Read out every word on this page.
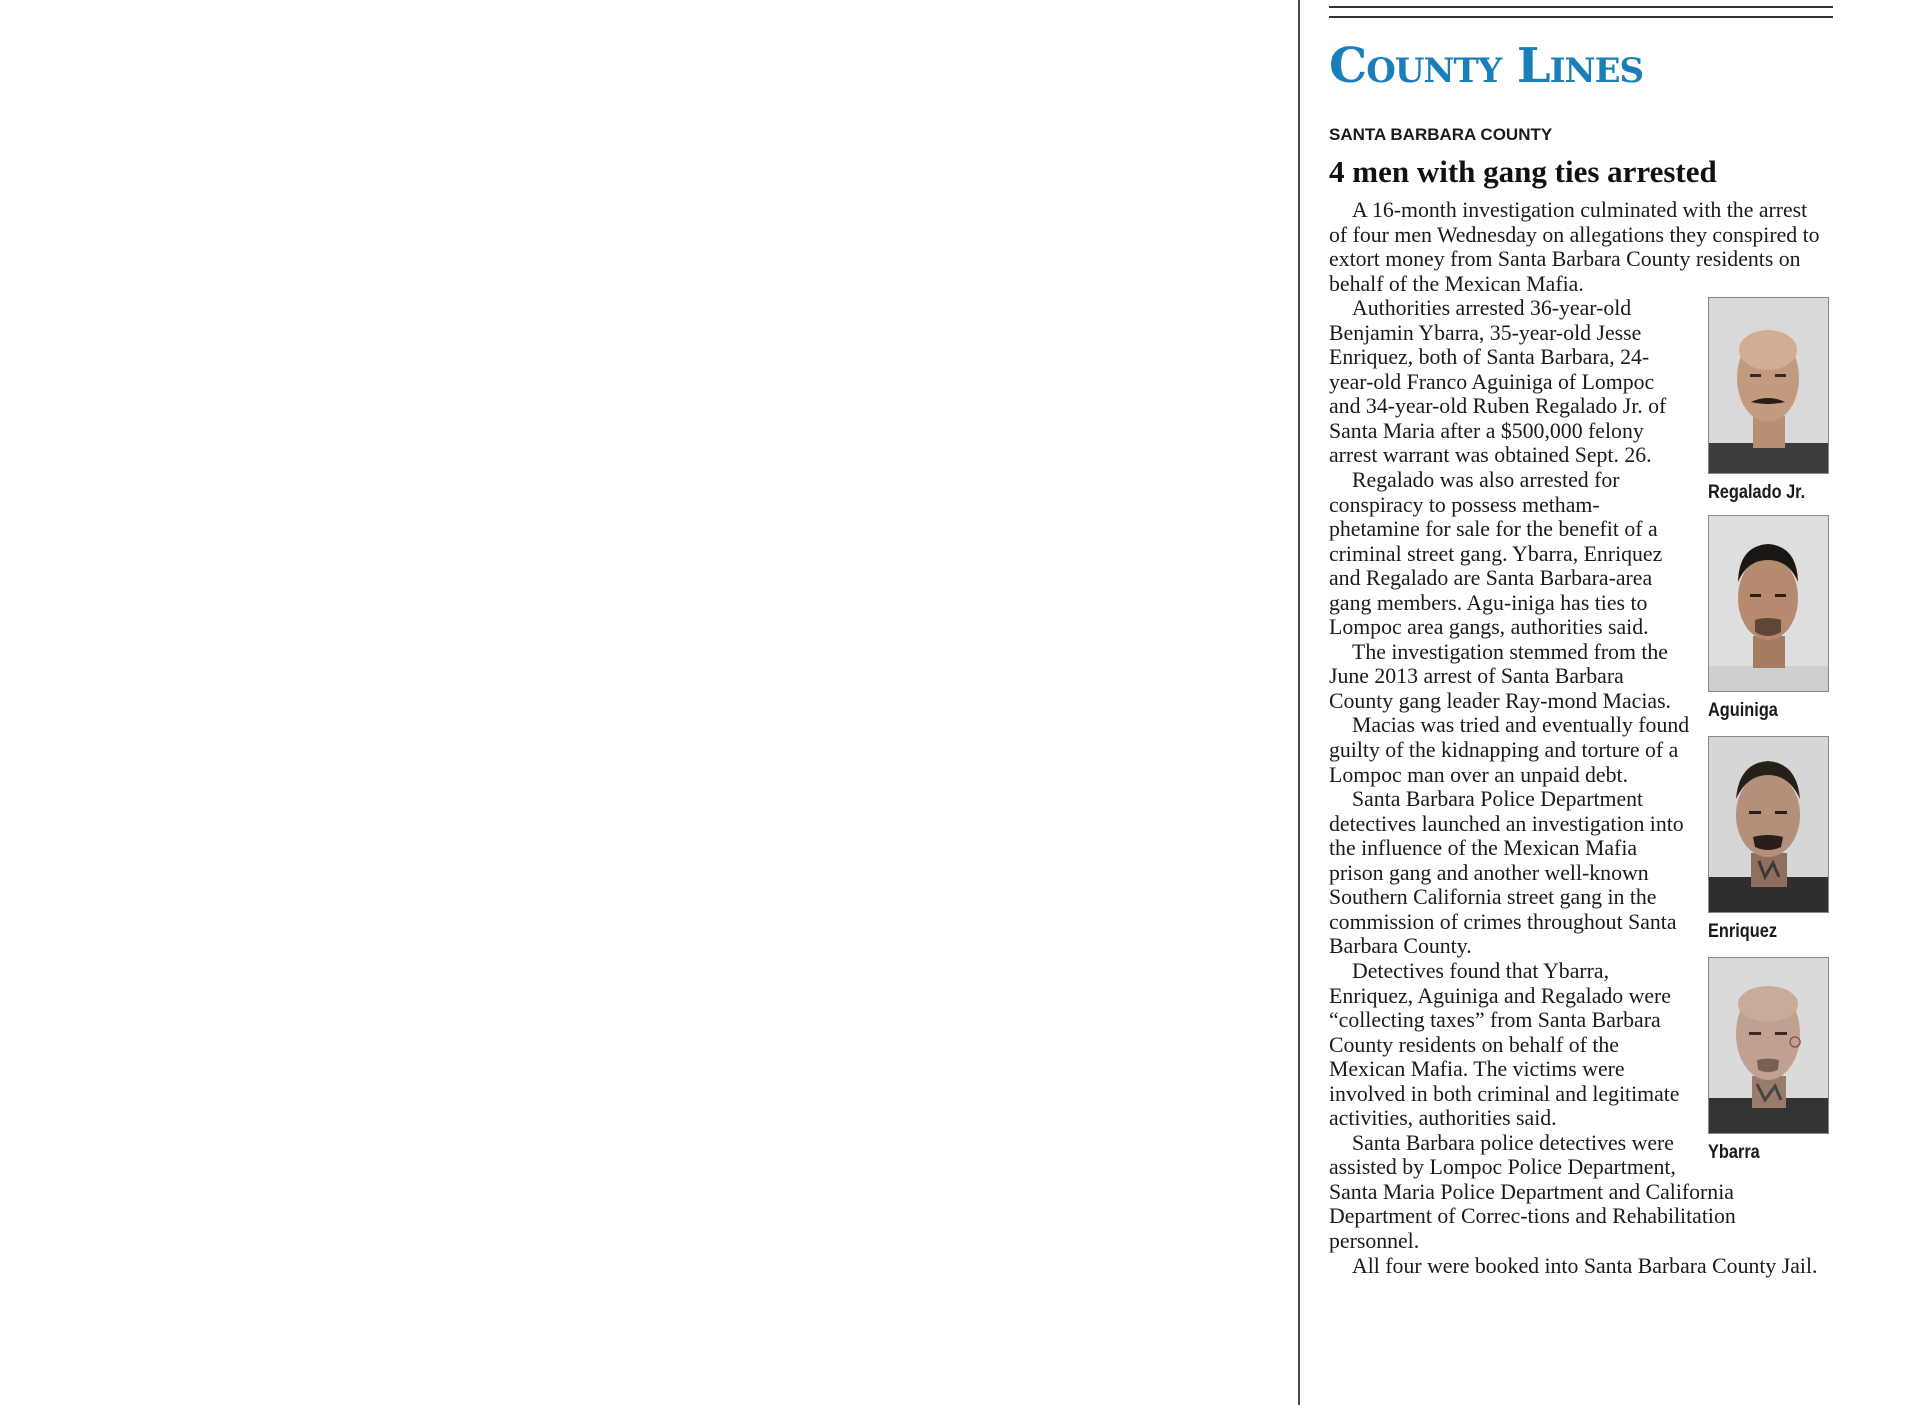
County Lines
SANTA BARBARA COUNTY
4 men with gang ties arrested

A 16-month investigation culminated with the arrest of four men Wednesday on allegations they conspired to extort money from Santa Barbara County residents on behalf of the Mexican Mafia.

Regalado Jr.
Aguiniga
Enriquez
Ybarra

Authorities arrested 36-year-old Benjamin Ybarra, 35-year-old Jesse Enriquez, both of Santa Barbara, 24-year-old Franco Aguiniga of Lompoc and 34-year-old Ruben Regalado Jr. of Santa Maria after a $500,000 felony arrest warrant was obtained Sept. 26.

Regalado was also arrested for conspiracy to possess metham-phetamine for sale for the benefit of a criminal street gang. Ybarra, Enriquez and Regalado are Santa Barbara-area gang members. Agu-iniga has ties to Lompoc area gangs, authorities said.

The investigation stemmed from the June 2013 arrest of Santa Barbara County gang leader Ray-mond Macias.

Macias was tried and eventually found guilty of the kidnapping and torture of a Lompoc man over an unpaid debt.

Santa Barbara Police Department detectives launched an investigation into the influence of the Mexican Mafia prison gang and another well-known Southern California street gang in the commission of crimes throughout Santa Barbara County.

Detectives found that Ybarra, Enriquez, Aguiniga and Regalado were “collecting taxes” from Santa Barbara County residents on behalf of the Mexican Mafia. The victims were involved in both criminal and legitimate activities, authorities said.

Santa Barbara police detectives were assisted by Lompoc Police Department, Santa Maria Police Department and California Department of Correc-tions and Rehabilitation personnel.

All four were booked into Santa Barbara County Jail.
